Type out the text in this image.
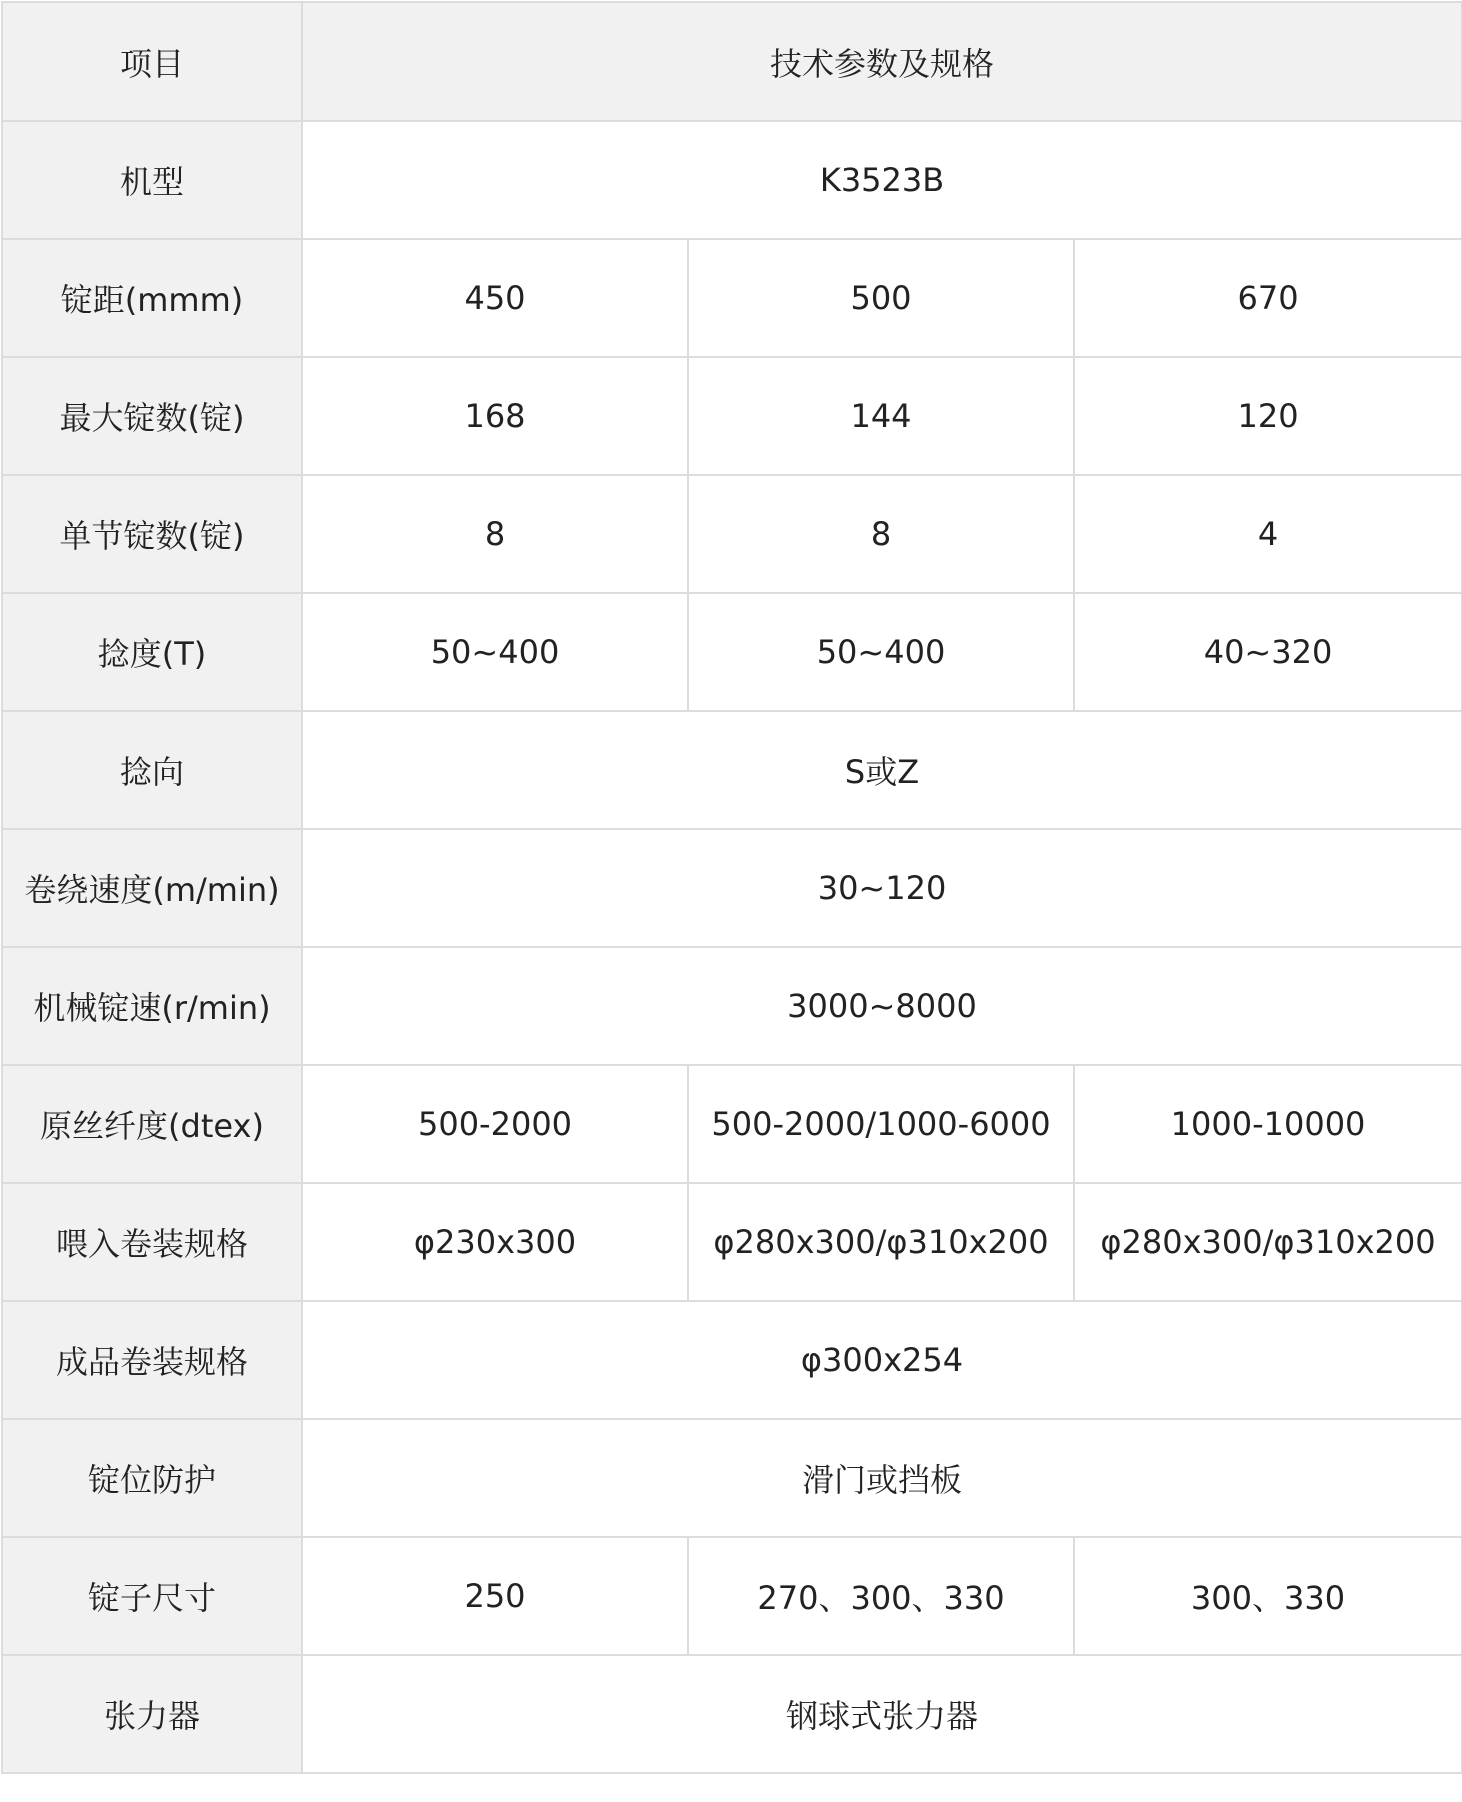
项目	技术参数及规格		
机型	K3523B		
锭距(mmm)	450	500	670
最大锭数(锭)	168	144	120
单节锭数(锭)	8	8	4
捻度(T)	50~400	50~400	40~320
捻向	S或Z		
卷绕速度(m/min)	30~120		
机械锭速(r/min)	3000~8000		
原丝纤度(dtex)	500-2000	500-2000/1000-6000	1000-10000
喂入卷装规格	φ230x300	φ280x300/φ310x200	φ280x300/φ310x200
成品卷装规格	φ300x254		
锭位防护	滑门或挡板		
锭子尺寸	250	270、300、330	300、330
张力器	钢球式张力器		
